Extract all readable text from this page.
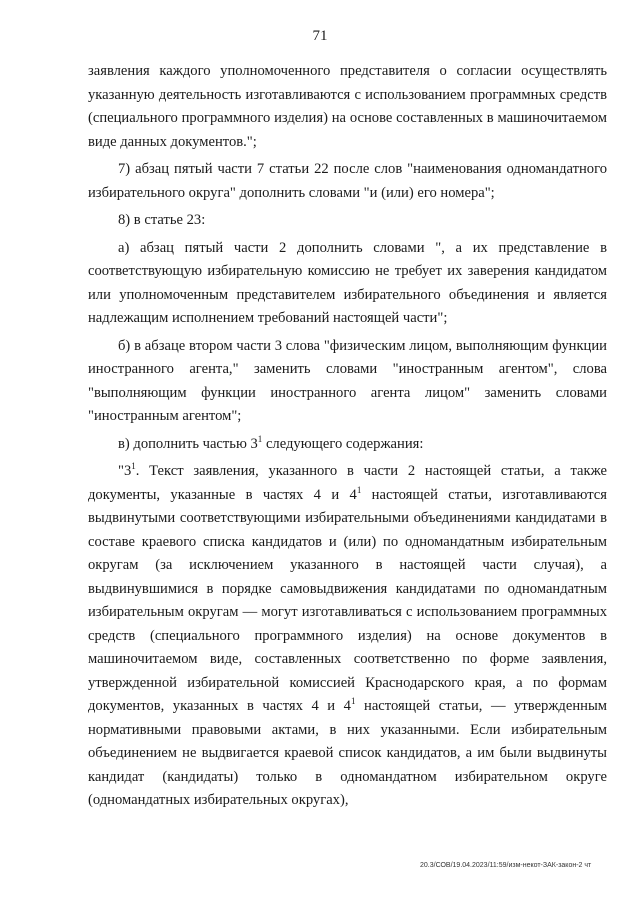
71

заявления каждого уполномоченного представителя о согласии осуществлять указанную деятельность изготавливаются с использованием программных средств (специального программного изделия) на основе составленных в машиночитаемом виде данных документов.";

7) абзац пятый части 7 статьи 22 после слов "наименования одномандатного избирательного округа" дополнить словами "и (или) его номера";

8) в статье 23:

а) абзац пятый части 2 дополнить словами ", а их представление в соответствующую избирательную комиссию не требует их заверения кандидатом или уполномоченным представителем избирательного объединения и является надлежащим исполнением требований настоящей части";

б) в абзаце втором части 3 слова "физическим лицом, выполняющим функции иностранного агента," заменить словами "иностранным агентом", слова "выполняющим функции иностранного агента лицом" заменить словами "иностранным агентом";

в) дополнить частью $3^1$ следующего содержания:

"$3^1$. Текст заявления, указанного в части 2 настоящей статьи, а также документы, указанные в частях 4 и $4^1$ настоящей статьи, изготавливаются выдвинутыми соответствующими избирательными объединениями кандидатами в составе краевого списка кандидатов и (или) по одномандатным избирательным округам (за исключением указанного в настоящей части случая), а выдвинувшимися в порядке самовыдвижения кандидатами по одномандатным избирательным округам — могут изготавливаться с использованием программных средств (специального программного изделия) на основе документов в машиночитаемом виде, составленных соответственно по форме заявления, утвержденной избирательной комиссией Краснодарского края, а по формам документов, указанных в частях 4 и $4^1$ настоящей статьи, — утвержденным нормативными правовыми актами, в них указанными. Если избирательным объединением не выдвигается краевой список кандидатов, а им были выдвинуты кандидат (кандидаты) только в одномандатном избирательном округе (одномандатных избирательных округах),

20.3/СОВ/19.04.2023/11:59/изм-некот-ЗАК-закон-2 чт
